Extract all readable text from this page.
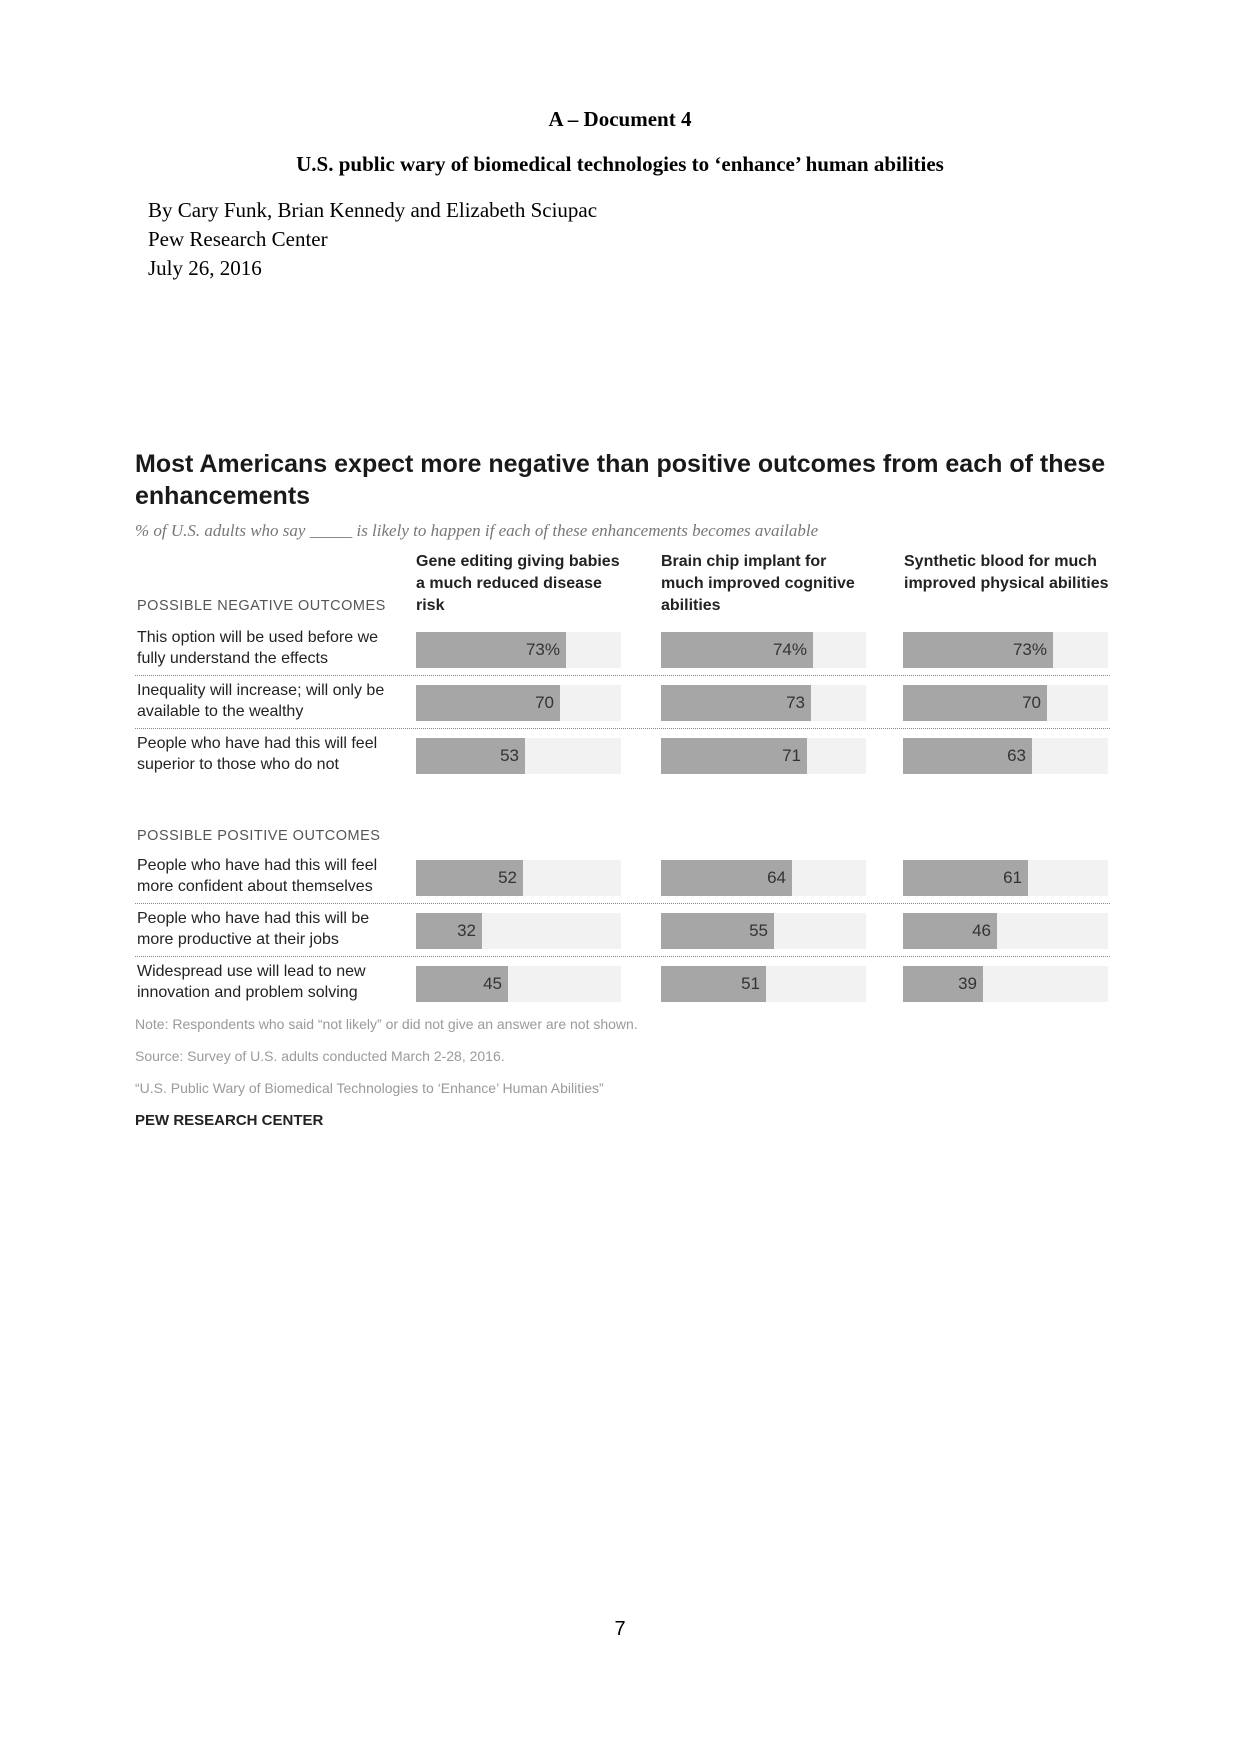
A – Document 4
U.S. public wary of biomedical technologies to ‘enhance’ human abilities
By Cary Funk, Brian Kennedy and Elizabeth Sciupac
Pew Research Center
July 26, 2016
Most Americans expect more negative than positive outcomes from each of these enhancements
% of U.S. adults who say _____ is likely to happen if each of these enhancements becomes available
Gene editing giving babies a much reduced disease risk
Brain chip implant for much improved cognitive abilities
Synthetic blood for much improved physical abilities
POSSIBLE NEGATIVE OUTCOMES
POSSIBLE POSITIVE OUTCOMES
This option will be used before we fully understand the effects	73%	74%	73%
Inequality will increase; will only be available to the wealthy	70	73	70
People who have had this will feel superior to those who do not	53	71	63
People who have had this will feel more confident about themselves	52	64	61
People who have had this will be more productive at their jobs	32	55	46
Widespread use will lead to new innovation and problem solving	45	51	39
Note: Respondents who said “not likely” or did not give an answer are not shown.
Source: Survey of U.S. adults conducted March 2-28, 2016.
“U.S. Public Wary of Biomedical Technologies to ‘Enhance’ Human Abilities”
PEW RESEARCH CENTER
7
